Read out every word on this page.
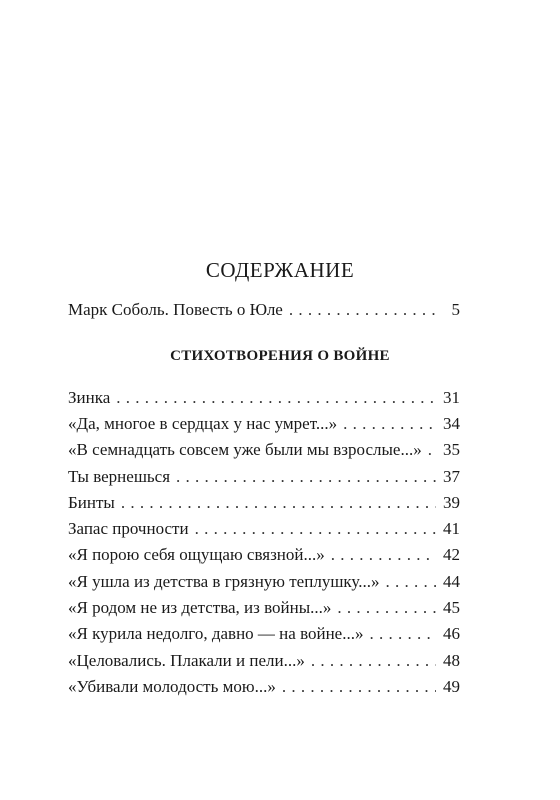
СОДЕРЖАНИЕ
Марк Соболь. Повесть о Юле . . .	5
СТИХОТВОРЕНИЯ О ВОЙНЕ
Зинка . . .	31
«Да, многое в сердцах у нас умрет...» . . .	34
«В семнадцать совсем уже были мы взрослые...» . . . 35
Ты вернешься . . .	37
Бинты . . .	39
Запас прочности . . .	41
«Я порою себя ощущаю связной...» . . .	42
«Я ушла из детства в грязную теплушку...» . . .	44
«Я родом не из детства, из войны...» . . .	45
«Я курила недолго, давно — на войне...» . . .	46
«Целовались. Плакали и пели...» . . .	48
«Убивали молодость мою...» . . .	49
